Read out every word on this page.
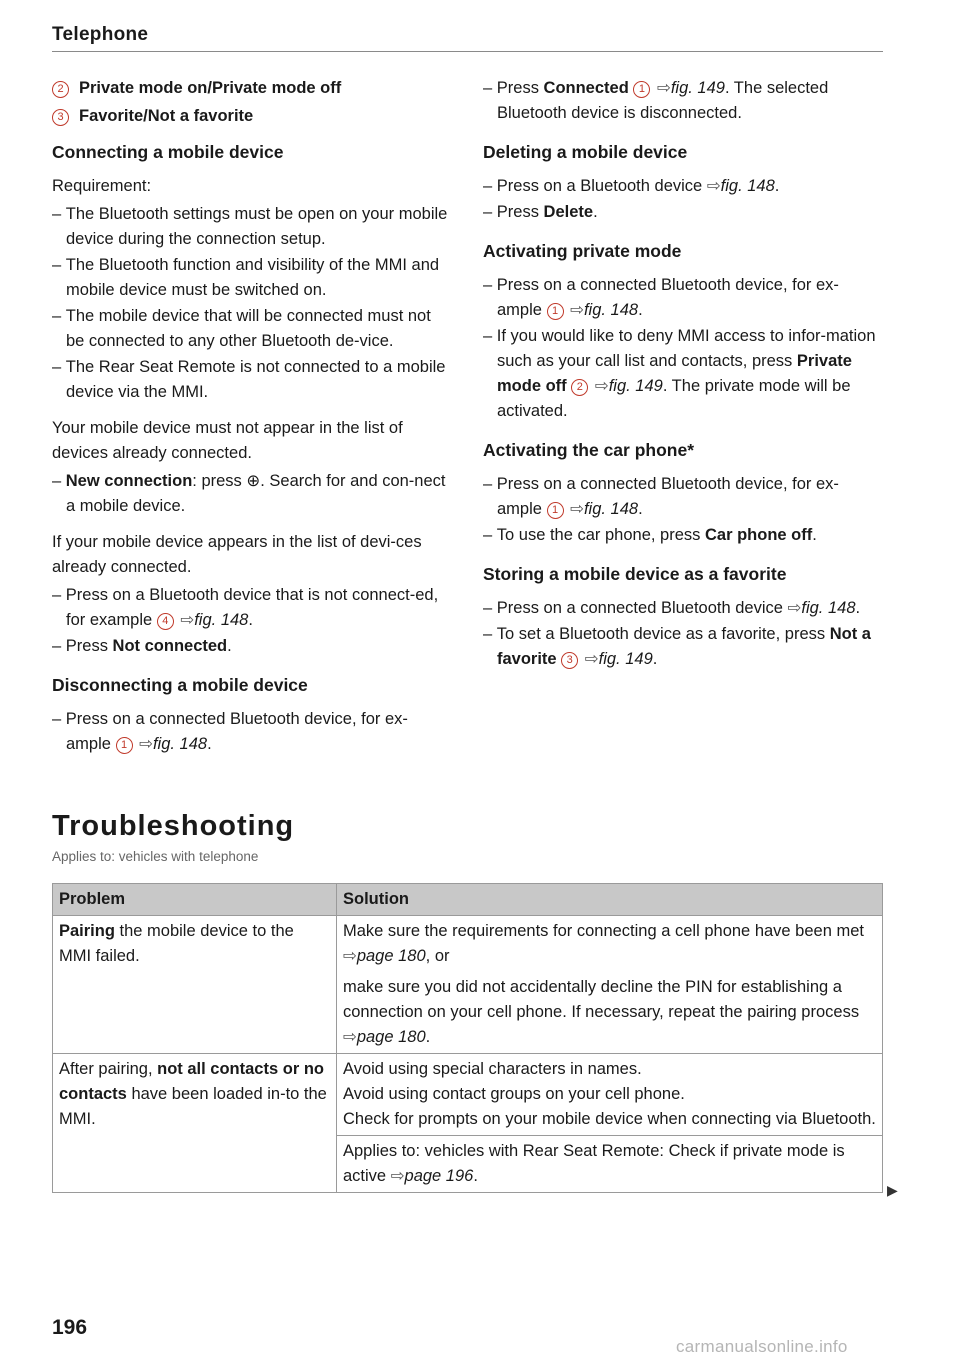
Telephone
2 Private mode on/Private mode off
3 Favorite/Not a favorite

Connecting a mobile device

Requirement:

– The Bluetooth settings must be open on your mobile device during the connection setup.

– The Bluetooth function and visibility of the MMI and mobile device must be switched on.

– The mobile device that will be connected must not be connected to any other Bluetooth de-vice.

– The Rear Seat Remote is not connected to a mobile device via the MMI.

Your mobile device must not appear in the list of devices already connected.

– New connection: press ⊕. Search for and con-nect a mobile device.

If your mobile device appears in the list of devi-ces already connected.

– Press on a Bluetooth device that is not connect-ed, for example 4 ⇨fig. 148.

– Press Not connected.

Disconnecting a mobile device

– Press on a connected Bluetooth device, for ex-ample 1 ⇨fig. 148.

– Press Connected 1 ⇨fig. 149. The selected Bluetooth device is disconnected.

Deleting a mobile device

– Press on a Bluetooth device ⇨fig. 148.

– Press Delete.

Activating private mode

– Press on a connected Bluetooth device, for ex-ample 1 ⇨fig. 148.

– If you would like to deny MMI access to infor-mation such as your call list and contacts, press Private mode off 2 ⇨fig. 149. The private mode will be activated.

Activating the car phone*

– Press on a connected Bluetooth device, for ex-ample 1 ⇨fig. 148.

– To use the car phone, press Car phone off.

Storing a mobile device as a favorite

– Press on a connected Bluetooth device ⇨fig. 148.

– To set a Bluetooth device as a favorite, press Not a favorite 3 ⇨fig. 149.

Troubleshooting
Applies to: vehicles with telephone
Problem	Solution
Pairing the mobile device to the MMI failed.	Make sure the requirements for connecting a cell phone have been met ⇨page 180, or

	make sure you did not accidentally decline the PIN for establishing a connection on your cell phone. If necessary, repeat the pairing process ⇨page 180.

After pairing, not all contacts or no contacts have been loaded in-to the MMI.	Avoid using special characters in names.

Avoid using contact groups on your cell phone.

Check for prompts on your mobile device when connecting via Bluetooth.

	Applies to: vehicles with Rear Seat Remote: Check if private mode is active ⇨page 196.

▶
196
carmanualsonline.info
